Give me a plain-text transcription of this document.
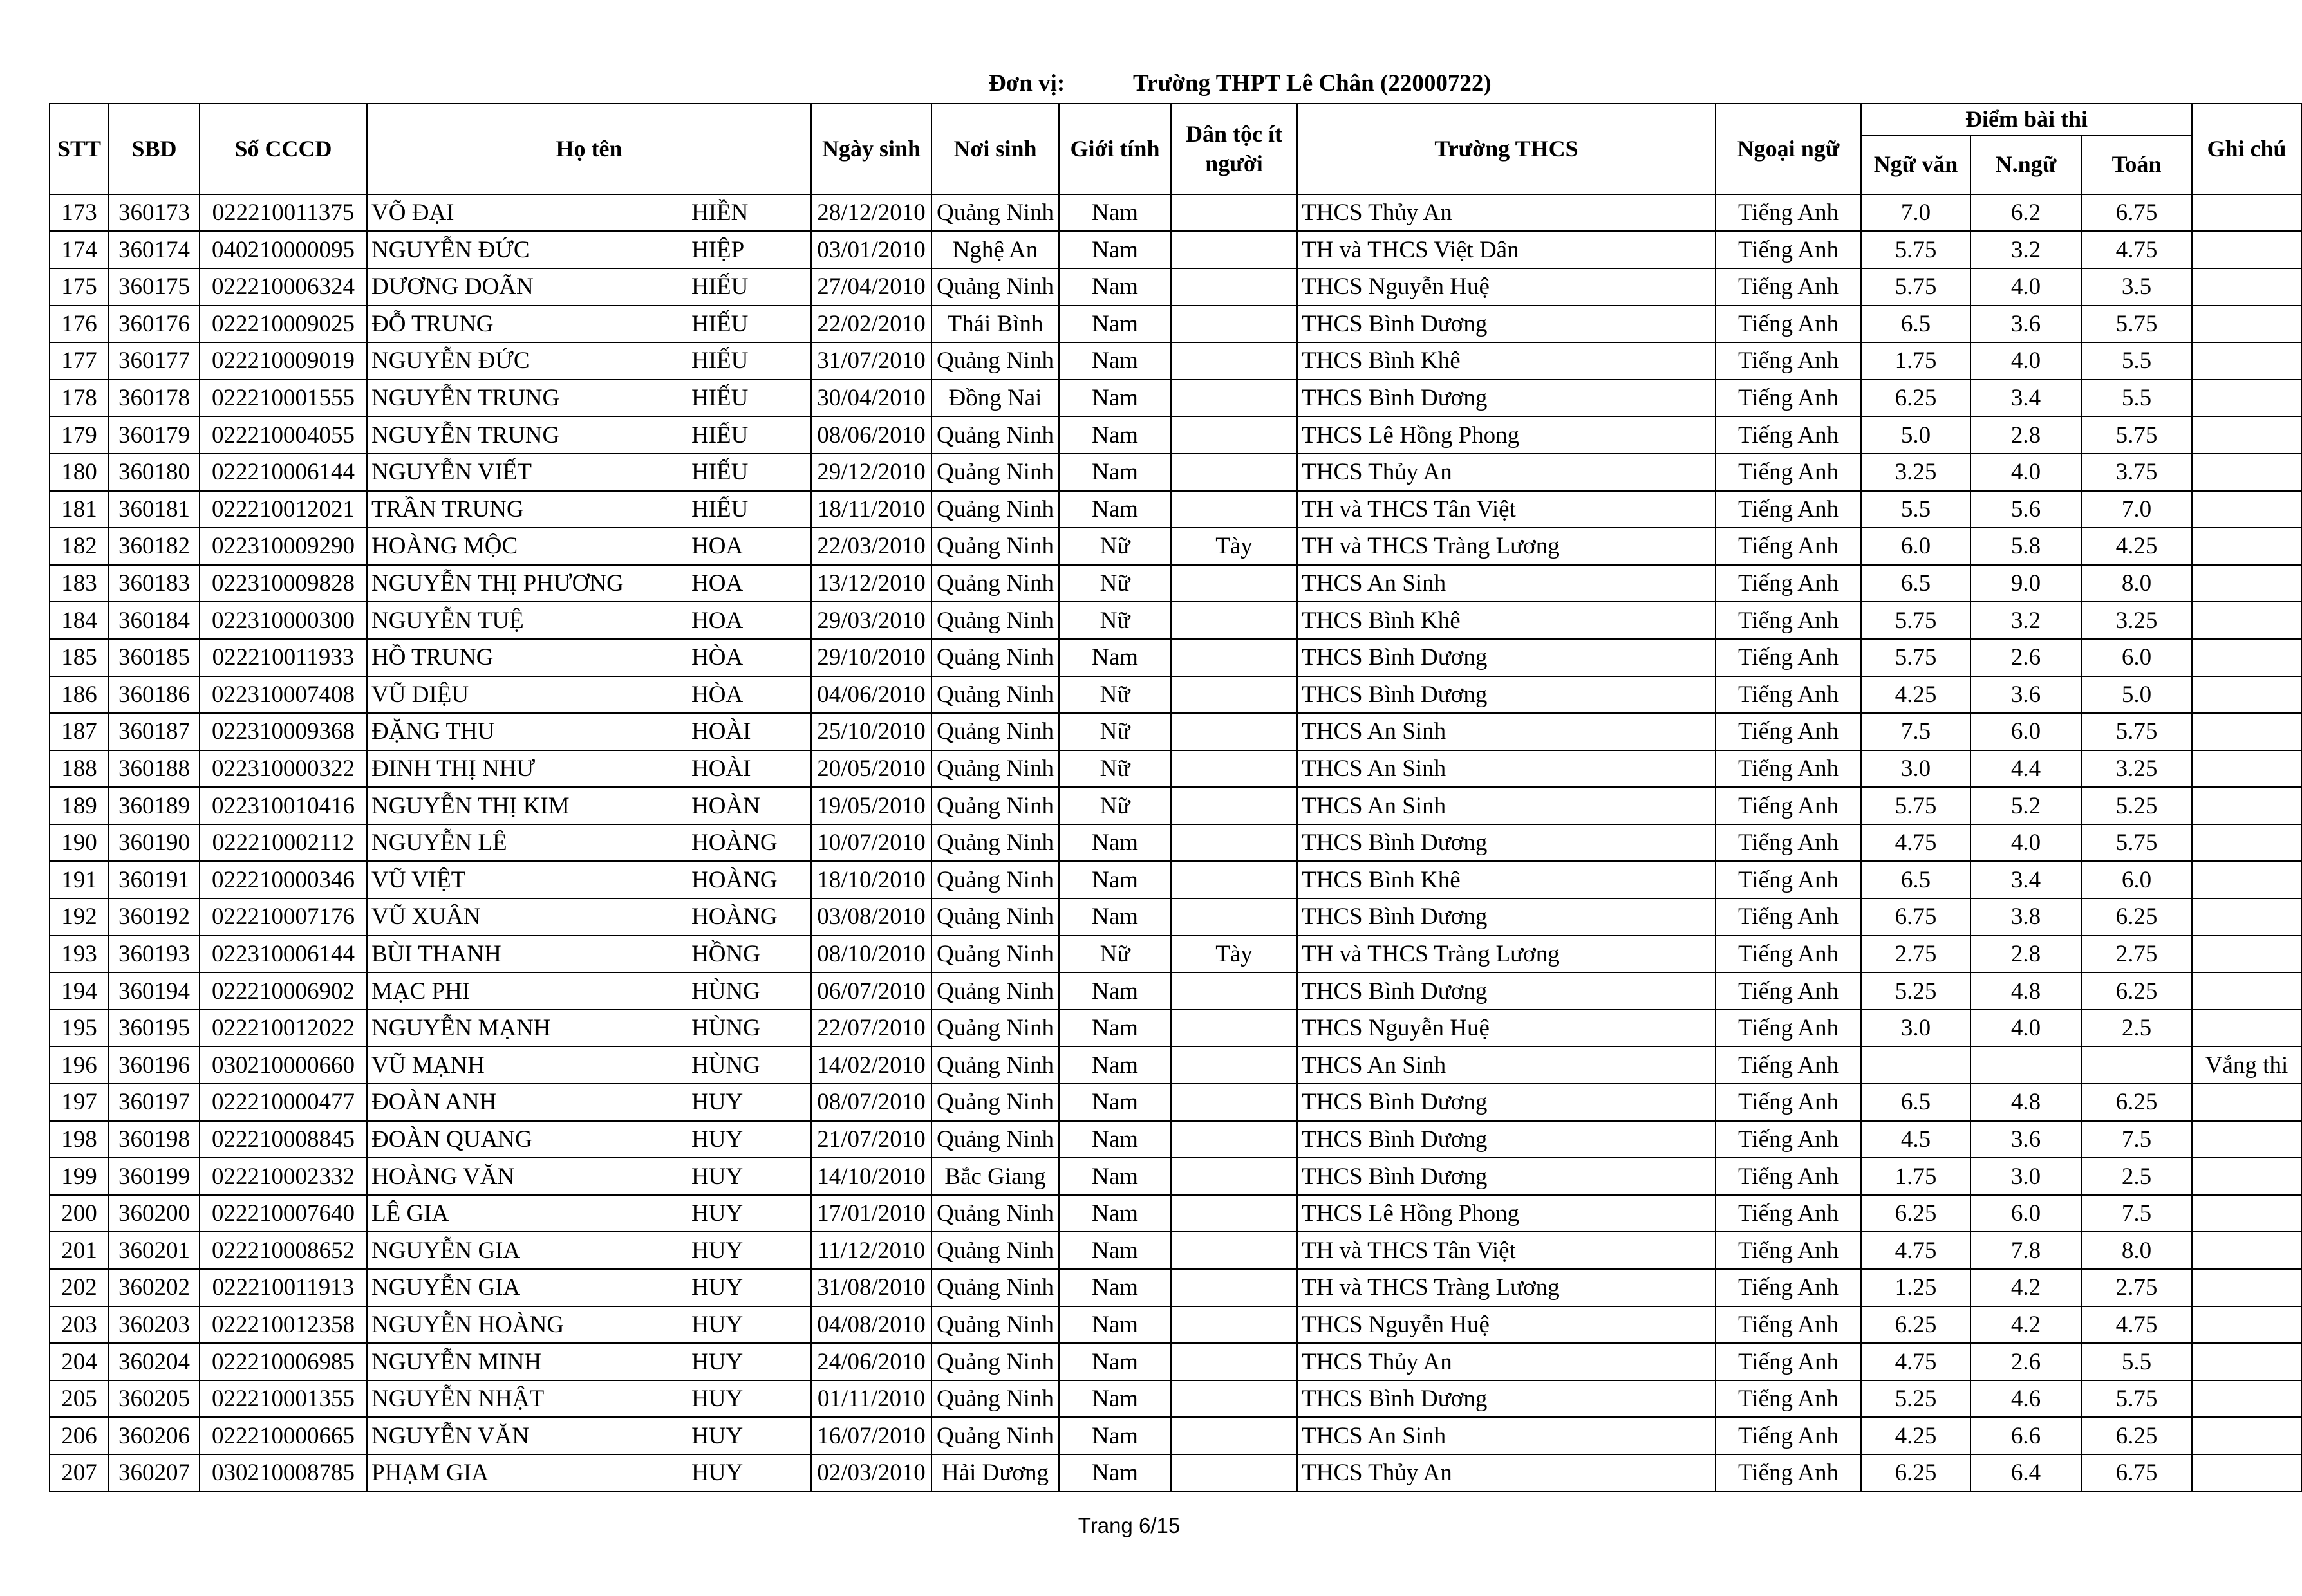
Đơn vị:	Trường THPT Lê Chân (22000722)
STT	SBD	Số CCCD	Họ tên		Ngày sinh	Nơi sinh	Giới tính	Dân tộc ít người	Trường THCS	Ngoại ngữ	Điểm bài thi			Ghi chú
											Ngữ văn	N.ngữ	Toán	
173	360173	022210011375	VÕ ĐẠI	HIỀN	28/12/2010	Quảng Ninh	Nam		THCS Thủy An	Tiếng Anh	7.0	6.2	6.75	
174	360174	040210000095	NGUYỄN ĐỨC	HIỆP	03/01/2010	Nghệ An	Nam		TH và THCS Việt Dân	Tiếng Anh	5.75	3.2	4.75	
175	360175	022210006324	DƯƠNG DOÃN	HIẾU	27/04/2010	Quảng Ninh	Nam		THCS Nguyễn Huệ	Tiếng Anh	5.75	4.0	3.5	
176	360176	022210009025	ĐỖ TRUNG	HIẾU	22/02/2010	Thái Bình	Nam		THCS Bình Dương	Tiếng Anh	6.5	3.6	5.75	
177	360177	022210009019	NGUYỄN ĐỨC	HIẾU	31/07/2010	Quảng Ninh	Nam		THCS Bình Khê	Tiếng Anh	1.75	4.0	5.5	
178	360178	022210001555	NGUYỄN TRUNG	HIẾU	30/04/2010	Đồng Nai	Nam		THCS Bình Dương	Tiếng Anh	6.25	3.4	5.5	
179	360179	022210004055	NGUYỄN TRUNG	HIẾU	08/06/2010	Quảng Ninh	Nam		THCS Lê Hồng Phong	Tiếng Anh	5.0	2.8	5.75	
180	360180	022210006144	NGUYỄN VIẾT	HIẾU	29/12/2010	Quảng Ninh	Nam		THCS Thủy An	Tiếng Anh	3.25	4.0	3.75	
181	360181	022210012021	TRẦN TRUNG	HIẾU	18/11/2010	Quảng Ninh	Nam		TH và THCS Tân Việt	Tiếng Anh	5.5	5.6	7.0	
182	360182	022310009290	HOÀNG MỘC	HOA	22/03/2010	Quảng Ninh	Nữ	Tày	TH và THCS Tràng Lương	Tiếng Anh	6.0	5.8	4.25	
183	360183	022310009828	NGUYỄN THỊ PHƯƠNG	HOA	13/12/2010	Quảng Ninh	Nữ		THCS An Sinh	Tiếng Anh	6.5	9.0	8.0	
184	360184	022310000300	NGUYỄN TUỆ	HOA	29/03/2010	Quảng Ninh	Nữ		THCS Bình Khê	Tiếng Anh	5.75	3.2	3.25	
185	360185	022210011933	HỒ TRUNG	HÒA	29/10/2010	Quảng Ninh	Nam		THCS Bình Dương	Tiếng Anh	5.75	2.6	6.0	
186	360186	022310007408	VŨ DIỆU	HÒA	04/06/2010	Quảng Ninh	Nữ		THCS Bình Dương	Tiếng Anh	4.25	3.6	5.0	
187	360187	022310009368	ĐẶNG THU	HOÀI	25/10/2010	Quảng Ninh	Nữ		THCS An Sinh	Tiếng Anh	7.5	6.0	5.75	
188	360188	022310000322	ĐINH THỊ NHƯ	HOÀI	20/05/2010	Quảng Ninh	Nữ		THCS An Sinh	Tiếng Anh	3.0	4.4	3.25	
189	360189	022310010416	NGUYỄN THỊ KIM	HOÀN	19/05/2010	Quảng Ninh	Nữ		THCS An Sinh	Tiếng Anh	5.75	5.2	5.25	
190	360190	022210002112	NGUYỄN LÊ	HOÀNG	10/07/2010	Quảng Ninh	Nam		THCS Bình Dương	Tiếng Anh	4.75	4.0	5.75	
191	360191	022210000346	VŨ VIỆT	HOÀNG	18/10/2010	Quảng Ninh	Nam		THCS Bình Khê	Tiếng Anh	6.5	3.4	6.0	
192	360192	022210007176	VŨ XUÂN	HOÀNG	03/08/2010	Quảng Ninh	Nam		THCS Bình Dương	Tiếng Anh	6.75	3.8	6.25	
193	360193	022310006144	BÙI THANH	HỒNG	08/10/2010	Quảng Ninh	Nữ	Tày	TH và THCS Tràng Lương	Tiếng Anh	2.75	2.8	2.75	
194	360194	022210006902	MẠC PHI	HÙNG	06/07/2010	Quảng Ninh	Nam		THCS Bình Dương	Tiếng Anh	5.25	4.8	6.25	
195	360195	022210012022	NGUYỄN MẠNH	HÙNG	22/07/2010	Quảng Ninh	Nam		THCS Nguyễn Huệ	Tiếng Anh	3.0	4.0	2.5	
196	360196	030210000660	VŨ MẠNH	HÙNG	14/02/2010	Quảng Ninh	Nam		THCS An Sinh	Tiếng Anh				Vắng thi
197	360197	022210000477	ĐOÀN ANH	HUY	08/07/2010	Quảng Ninh	Nam		THCS Bình Dương	Tiếng Anh	6.5	4.8	6.25	
198	360198	022210008845	ĐOÀN QUANG	HUY	21/07/2010	Quảng Ninh	Nam		THCS Bình Dương	Tiếng Anh	4.5	3.6	7.5	
199	360199	022210002332	HOÀNG VĂN	HUY	14/10/2010	Bắc Giang	Nam		THCS Bình Dương	Tiếng Anh	1.75	3.0	2.5	
200	360200	022210007640	LÊ GIA	HUY	17/01/2010	Quảng Ninh	Nam		THCS Lê Hồng Phong	Tiếng Anh	6.25	6.0	7.5	
201	360201	022210008652	NGUYỄN GIA	HUY	11/12/2010	Quảng Ninh	Nam		TH và THCS Tân Việt	Tiếng Anh	4.75	7.8	8.0	
202	360202	022210011913	NGUYỄN GIA	HUY	31/08/2010	Quảng Ninh	Nam		TH và THCS Tràng Lương	Tiếng Anh	1.25	4.2	2.75	
203	360203	022210012358	NGUYỄN HOÀNG	HUY	04/08/2010	Quảng Ninh	Nam		THCS Nguyễn Huệ	Tiếng Anh	6.25	4.2	4.75	
204	360204	022210006985	NGUYỄN MINH	HUY	24/06/2010	Quảng Ninh	Nam		THCS Thủy An	Tiếng Anh	4.75	2.6	5.5	
205	360205	022210001355	NGUYỄN NHẬT	HUY	01/11/2010	Quảng Ninh	Nam		THCS Bình Dương	Tiếng Anh	5.25	4.6	5.75	
206	360206	022210000665	NGUYỄN VĂN	HUY	16/07/2010	Quảng Ninh	Nam		THCS An Sinh	Tiếng Anh	4.25	6.6	6.25	
207	360207	030210008785	PHẠM GIA	HUY	02/03/2010	Hải Dương	Nam		THCS Thủy An	Tiếng Anh	6.25	6.4	6.75	
Trang 6/15
